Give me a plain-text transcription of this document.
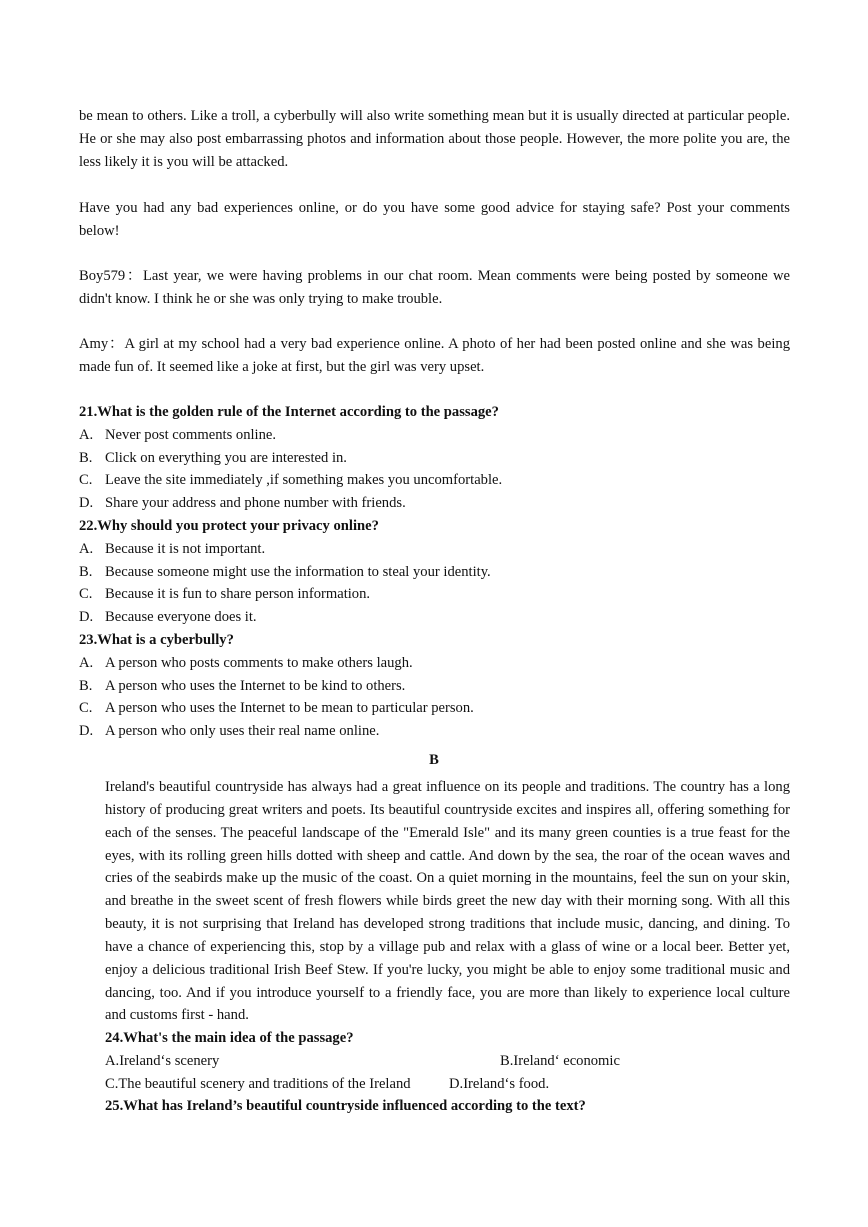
be mean to others. Like a troll, a cyberbully will also write something mean but it is usually directed at particular people. He or she may also post embarrassing photos and information about those people. However, the more polite you are, the less likely it is you will be attacked.

Have you had any bad experiences online, or do you have some good advice for staying safe? Post your comments below!

Boy579：Last year, we were having problems in our chat room. Mean comments were being posted by someone we didn't know. I think he or she was only trying to make trouble.

Amy：A girl at my school had a very bad experience online. A photo of her had been posted online and she was being made fun of. It seemed like a joke at first, but the girl was very upset.

21.What is the golden rule of the Internet according to the passage?
A. Never post comments online.
B. Click on everything you are interested in.
C. Leave the site immediately ,if something makes you uncomfortable.
D. Share your address and phone number with friends.
22.Why should you protect your privacy online?
A. Because it is not important.
B. Because someone might use the information to steal your identity.
C. Because it is fun to share person information.
D. Because everyone does it.
23.What is a cyberbully?
A. A person who posts comments to make others laugh.
B. A person who uses the Internet to be kind to others.
C. A person who uses the Internet to be mean to particular person.
D. A person who only uses their real name online.
B

Ireland's beautiful countryside has always had a great influence on its people and traditions. The country has a long history of producing great writers and poets. Its beautiful countryside excites and inspires all, offering something for each of the senses. The peaceful landscape of the "Emerald Isle" and its many green counties is a true feast for the eyes, with its rolling green hills dotted with sheep and cattle. And down by the sea, the roar of the ocean waves and cries of the seabirds make up the music of the coast. On a quiet morning in the mountains, feel the sun on your skin, and breathe in the sweet scent of fresh flowers while birds greet the new day with their morning song. With all this beauty, it is not surprising that Ireland has developed strong traditions that include music, dancing, and dining. To have a chance of experiencing this, stop by a village pub and relax with a glass of wine or a local beer. Better yet, enjoy a delicious traditional Irish Beef Stew. If you're lucky, you might be able to enjoy some traditional music and dancing, too. And if you introduce yourself to a friendly face, you are more than likely to experience local culture and customs first - hand.

24.What's the main idea of the passage?
A.Ireland‘s scenery	B.Ireland‘ economic
C.The beautiful scenery and traditions of the Ireland	D.Ireland‘s food.
25.What has Ireland’s beautiful countryside influenced according to the text?
